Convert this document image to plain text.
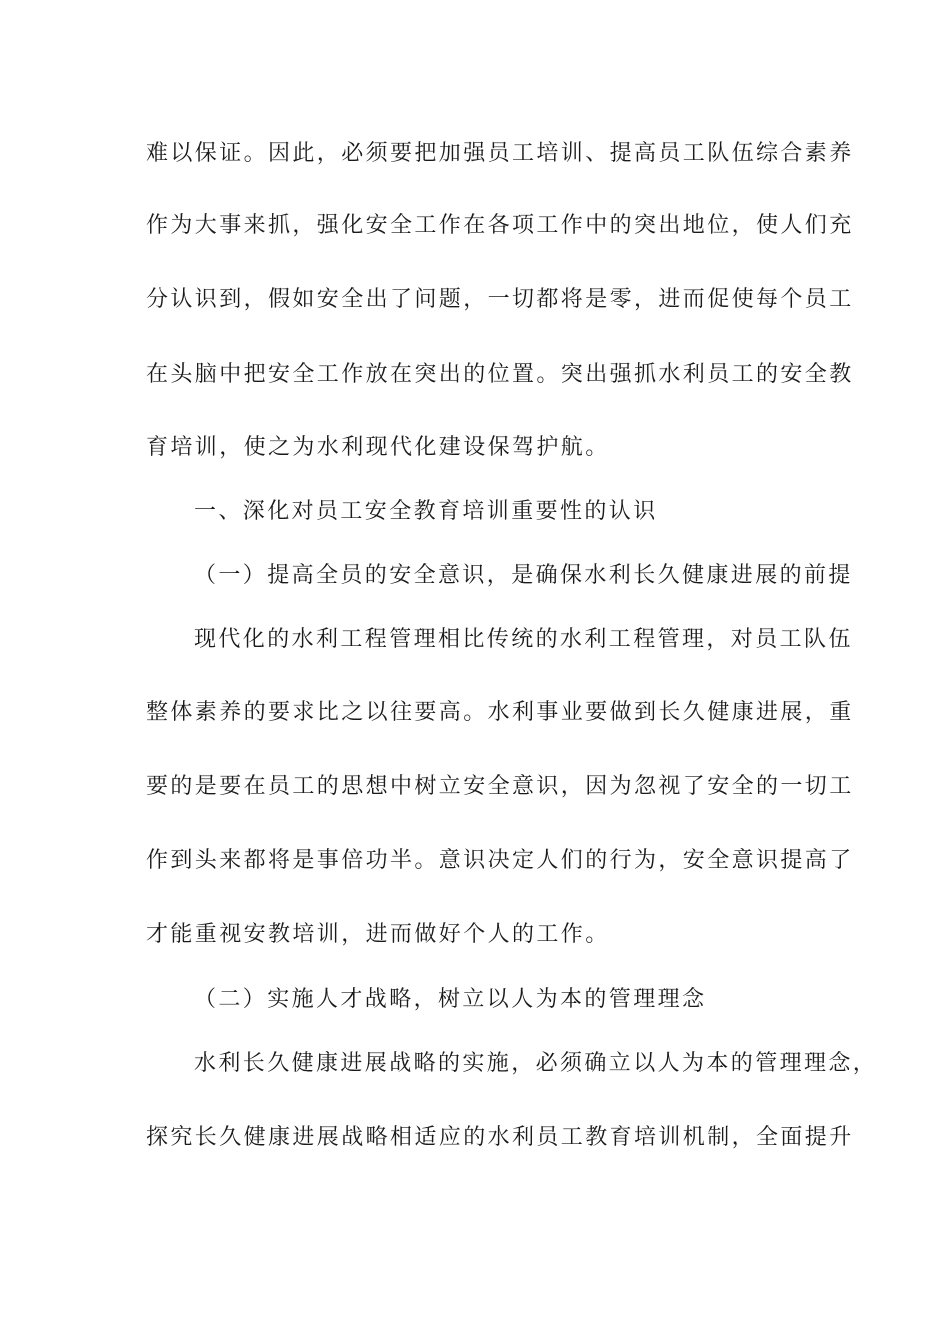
难以保证。因此，必须要把加强员工培训、提高员工队伍综合素养
作为大事来抓，强化安全工作在各项工作中的突出地位，使人们充
分认识到，假如安全出了问题，一切都将是零，进而促使每个员工
在头脑中把安全工作放在突出的位置。突出强抓水利员工的安全教
育培训，使之为水利现代化建设保驾护航。
一、深化对员工安全教育培训重要性的认识
（一）提高全员的安全意识，是确保水利长久健康进展的前提
现代化的水利工程管理相比传统的水利工程管理，对员工队伍
整体素养的要求比之以往要高。水利事业要做到长久健康进展，重
要的是要在员工的思想中树立安全意识，因为忽视了安全的一切工
作到头来都将是事倍功半。意识决定人们的行为，安全意识提高了
才能重视安教培训，进而做好个人的工作。
（二）实施人才战略，树立以人为本的管理理念
水利长久健康进展战略的实施，必须确立以人为本的管理理念，
探究长久健康进展战略相适应的水利员工教育培训机制，全面提升
